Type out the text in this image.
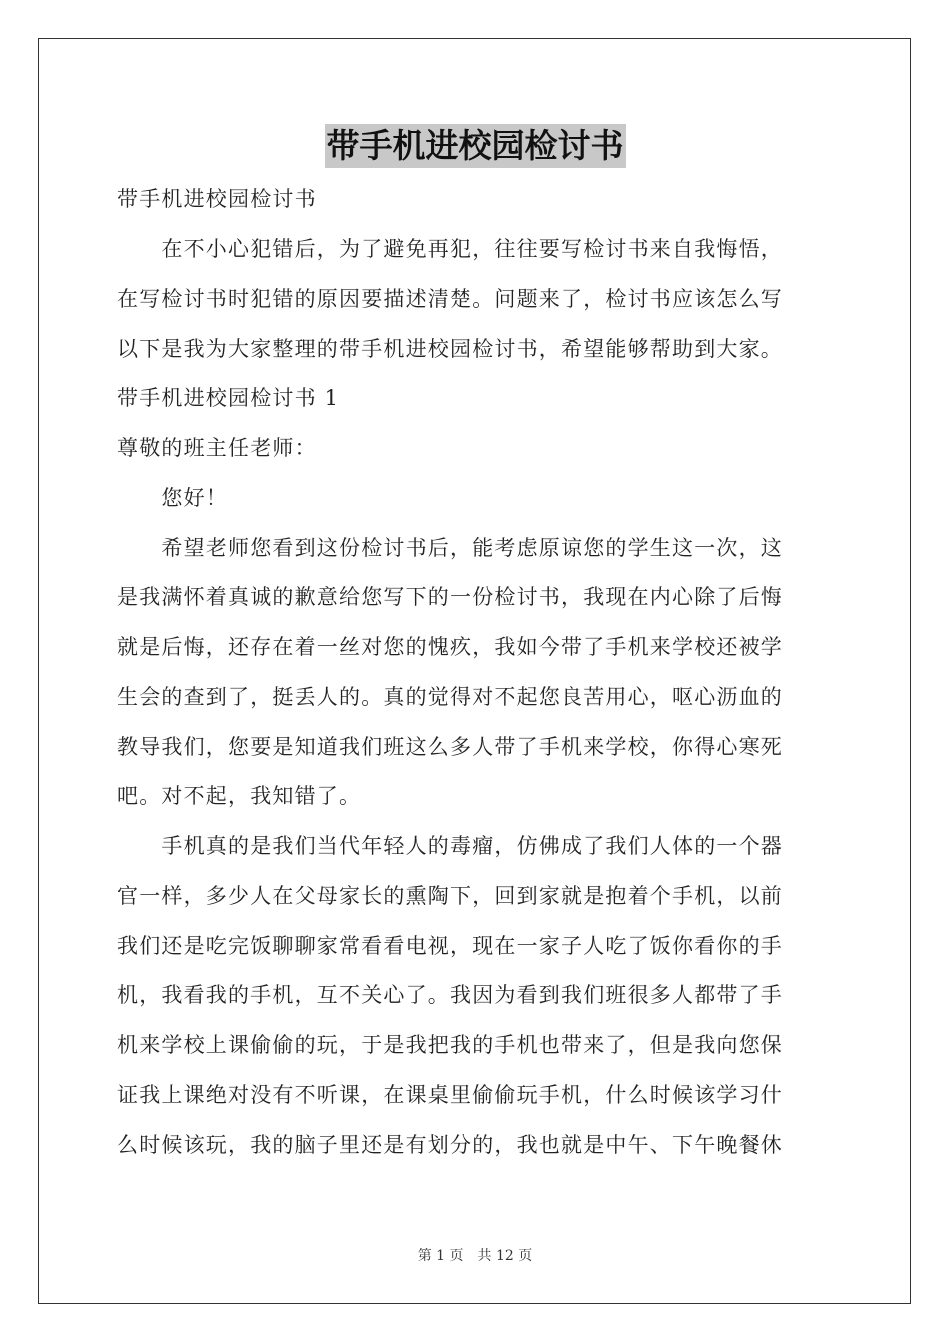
带手机进校园检讨书
带手机进校园检讨书
　　在不小心犯错后，为了避免再犯，往往要写检讨书来自我悔悟，
在写检讨书时犯错的原因要描述清楚。问题来了，检讨书应该怎么写
以下是我为大家整理的带手机进校园检讨书，希望能够帮助到大家。
带手机进校园检讨书 1
尊敬的班主任老师：
　　您好！
　　希望老师您看到这份检讨书后，能考虑原谅您的学生这一次，这
是我满怀着真诚的歉意给您写下的一份检讨书，我现在内心除了后悔
就是后悔，还存在着一丝对您的愧疚，我如今带了手机来学校还被学
生会的查到了，挺丢人的。真的觉得对不起您良苦用心，呕心沥血的
教导我们，您要是知道我们班这么多人带了手机来学校，你得心寒死
吧。对不起，我知错了。
　　手机真的是我们当代年轻人的毒瘤，仿佛成了我们人体的一个器
官一样，多少人在父母家长的熏陶下，回到家就是抱着个手机，以前
我们还是吃完饭聊聊家常看看电视，现在一家子人吃了饭你看你的手
机，我看我的手机，互不关心了。我因为看到我们班很多人都带了手
机来学校上课偷偷的玩，于是我把我的手机也带来了，但是我向您保
证我上课绝对没有不听课，在课桌里偷偷玩手机，什么时候该学习什
么时候该玩，我的脑子里还是有划分的，我也就是中午、下午晚餐休
第 1 页　共 12 页
